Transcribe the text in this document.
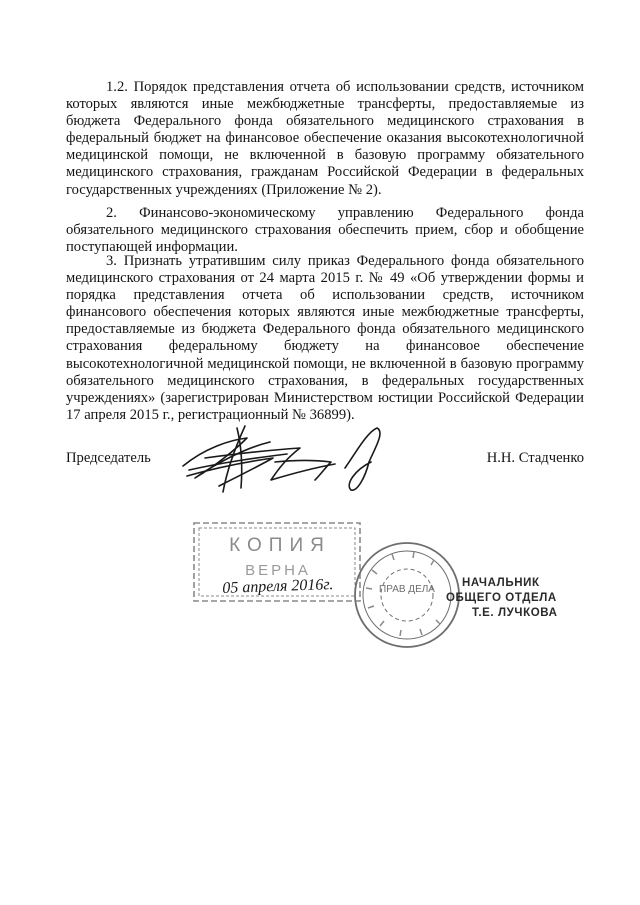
1.2. Порядок представления отчета об использовании средств, источником которых являются иные межбюджетные трансферты, предоставляемые из бюджета Федерального фонда обязательного медицинского страхования в федеральный бюджет на финансовое обеспечение оказания высокотехнологичной медицинской помощи, не включенной в базовую программу обязательного медицинского страхования, гражданам Российской Федерации в федеральных государственных учреждениях (Приложение № 2).

2. Финансово-экономическому управлению Федерального фонда обязательного медицинского страхования обеспечить прием, сбор и обобщение поступающей информации.

3. Признать утратившим силу приказ Федерального фонда обязательного медицинского страхования от 24 марта 2015 г. № 49 «Об утверждении формы и порядка представления отчета об использовании средств, источником финансового обеспечения которых являются иные межбюджетные трансферты, предоставляемые из бюджета Федерального фонда обязательного медицинского страхования федеральному бюджету на финансовое обеспечение высокотехнологичной медицинской помощи, не включенной в базовую программу обязательного медицинского страхования, в федеральных государственных учреждениях» (зарегистрирован Министерством юстиции Российской Федерации 17 апреля 2015 г., регистрационный № 36899).

Председатель	Н.Н. Стадченко
КОПИЯ
ВЕРНА
05 апреля 2016г.	ПРАВ ДЕЛА
НАЧАЛЬНИК
ОБЩЕГО ОТДЕЛА
Т.Е. ЛУЧКОВА
